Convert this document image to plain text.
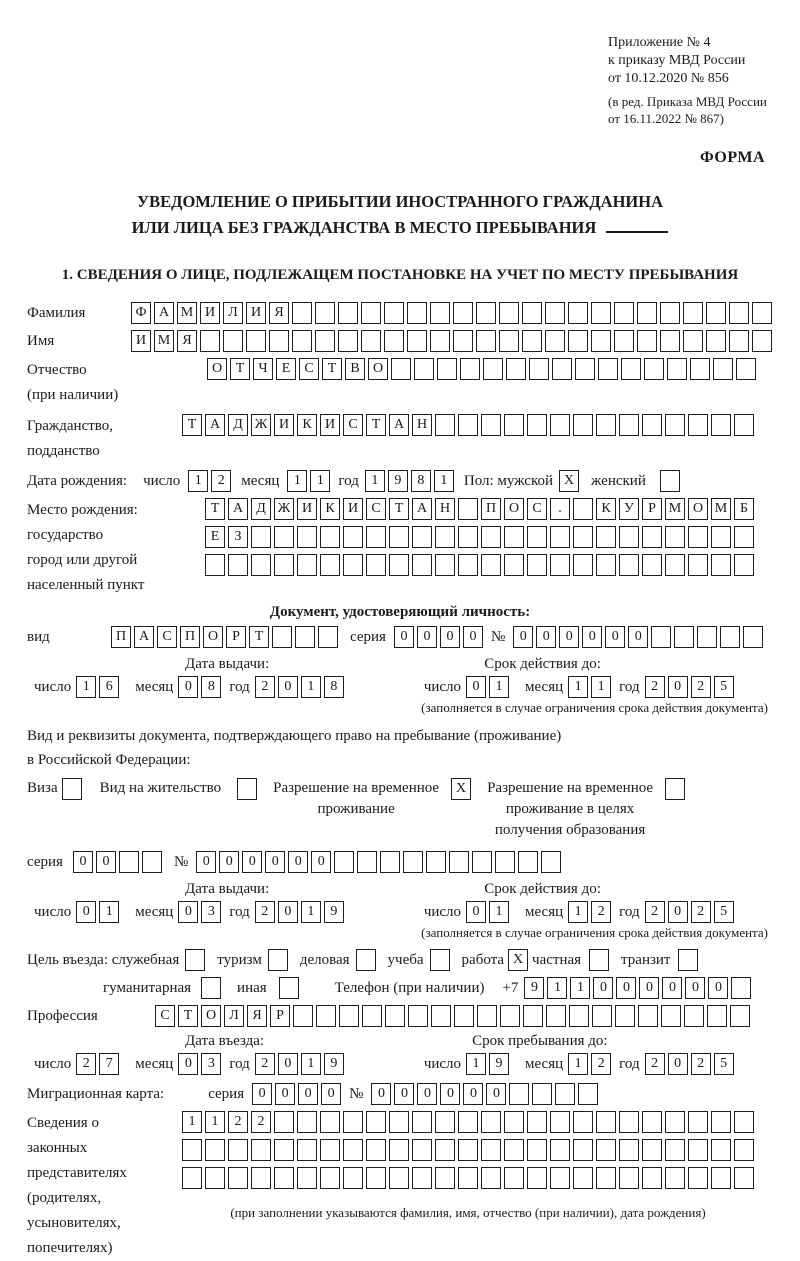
Приложение № 4
к приказу МВД России
от 10.12.2020 № 856
(в ред. Приказа МВД России
от 16.11.2022 № 867)
ФОРМА
УВЕДОМЛЕНИЕ О ПРИБЫТИИ ИНОСТРАННОГО ГРАЖДАНИНА
ИЛИ ЛИЦА БЕЗ ГРАЖДАНСТВА В МЕСТО ПРЕБЫВАНИЯ
1. СВЕДЕНИЯ О ЛИЦЕ, ПОДЛЕЖАЩЕМ ПОСТАНОВКЕ НА УЧЕТ ПО МЕСТУ ПРЕБЫВАНИЯ
Фамилия	Ф А М И Л И Я
Имя	И М Я
Отчество
(при наличии)
О Т	Ч	Е	С	Т	В О
Гражданство,
подданство
Т А Д Ж И К И С	Т А Н
Дата рождения: число	1	2	месяц	1	1 год 1	9	8	1	Пол: мужской X	женский
Место рождения:
государство
город или другой
населенный пункт
Т А Д Ж И К И С	Т А Н	П О С	.	К У	Р М О М Б
Е	З
Документ, удостоверяющий личность:
вид	П А С П О	Р	Т	серия	0	0	0	0 №	0	0	0	0	0	0
Дата выдачи:	Срок действия до:
число 1	6	месяц 0	8 год 2	0	1	8	число 0	1	месяц 1	1 год 2	0	2	5
(заполняется в случае ограничения срока действия документа)
Вид и реквизиты документа, подтверждающего право на пребывание (проживание)
в Российской Федерации:
Виза	Вид на жительство	Разрешение на временное
проживание
X	Разрешение на временное
проживание в целях
получения образования
серия	0	0	№	0	0	0	0	0	0
Дата выдачи:	Срок действия до:
число 0	1	месяц 0	3 год 2	0	1	9	число 0	1	месяц 1	2 год 2	0	2	5
(заполняется в случае ограничения срока действия документа)
Цель въезда: служебная	туризм	деловая	учеба	работа X частная	транзит
гуманитарная	иная	Телефон (при наличии) +7 9	1	1	0	0	0	0	0	0
Профессия	С	Т О Л Я	Р
Дата въезда:	Срок пребывания до:
число 2	7	месяц 0	3 год 2	0	1	9	число 1	9	месяц 1	2 год 2	0	2	5
Миграционная карта:	серия	0	0	0	0 №	0	0	0	0	0	0
Сведения о
законных
представителях
(родителях,
усыновителях,
попечителях)
1	1	2	2
(при заполнении указываются фамилия, имя, отчество (при наличии), дата рождения)
